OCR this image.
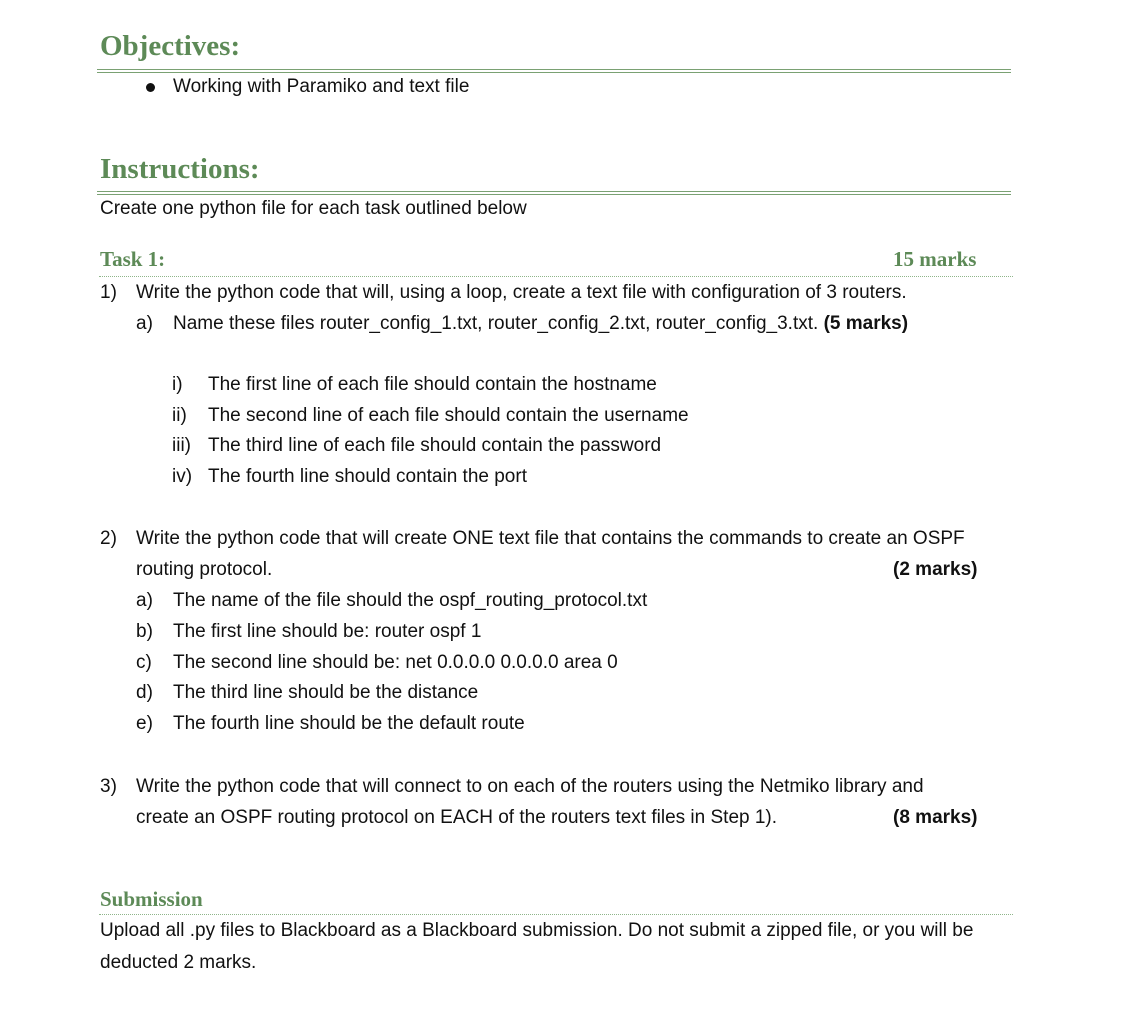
Objectives:
Working with Paramiko and text file
Instructions:
Create one python file for each task outlined below
Task 1:	15 marks
1) Write the python code that will, using a loop, create a text file with configuration of 3 routers.
a) Name these files router_config_1.txt, router_config_2.txt, router_config_3.txt. (5 marks)
i) The first line of each file should contain the hostname
ii) The second line of each file should contain the username
iii) The third line of each file should contain the password
iv) The fourth line should contain the port
2) Write the python code that will create ONE text file that contains the commands to create an OSPF
routing protocol.	(2 marks)
a) The name of the file should the ospf_routing_protocol.txt
b) The first line should be: router ospf 1
c) The second line should be: net 0.0.0.0 0.0.0.0 area 0
d) The third line should be the distance
e) The fourth line should be the default route
3) Write the python code that will connect to on each of the routers using the Netmiko library and
create an OSPF routing protocol on EACH of the routers text files in Step 1).	(8 marks)
Submission
Upload all .py files to Blackboard as a Blackboard submission. Do not submit a zipped file, or you will be
deducted 2 marks.
